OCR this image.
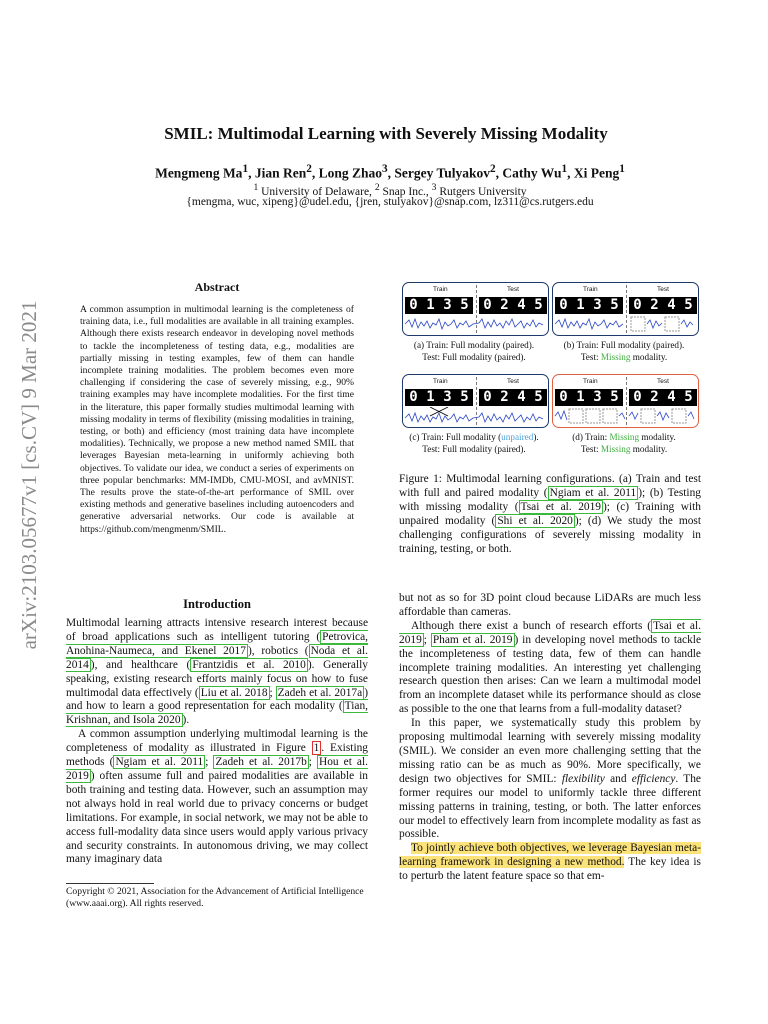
arXiv:2103.05677v1 [cs.CV] 9 Mar 2021
SMIL: Multimodal Learning with Severely Missing Modality
Mengmeng Ma$^1$, Jian Ren$^2$, Long Zhao$^3$, Sergey Tulyakov$^2$, Cathy Wu$^1$, Xi Peng$^1$
$^1$ University of Delaware, $^2$ Snap Inc., $^3$ Rutgers University
{mengma, wuc, xipeng}@udel.edu, {jren, stulyakov}@snap.com, lz311@cs.rutgers.edu
Abstract
A common assumption in multimodal learning is the completeness of training data, i.e., full modalities are available in all training examples. Although there exists research endeavor in developing novel methods to tackle the incompleteness of testing data, e.g., modalities are partially missing in testing examples, few of them can handle incomplete training modalities. The problem becomes even more challenging if considering the case of severely missing, e.g., 90% training examples may have incomplete modalities. For the first time in the literature, this paper formally studies multimodal learning with missing modality in terms of flexibility (missing modalities in training, testing, or both) and efficiency (most training data have incomplete modalities). Technically, we propose a new method named SMIL that leverages Bayesian meta-learning in uniformly achieving both objectives. To validate our idea, we conduct a series of experiments on three popular benchmarks: MM-IMDb, CMU-MOSI, and avMNIST. The results prove the state-of-the-art performance of SMIL over existing methods and generative baselines including autoencoders and generative adversarial networks. Our code is available at https://github.com/mengmenm/SMIL.
Train	Test
0 1 3 5	0 2 4 5
Train	Test
0 1 3 5	0 2 4 5
(a) Train: Full modality (paired).
Test: Full modality (paired).
(b) Train: Full modality (paired).
Test: Missing modality.
Train	Test
0 1 3 5	0 2 4 5
Train	Test
0 1 3 5	0 2 4 5
(c) Train: Full modality (unpaired).
Test: Full modality (paired).
(d) Train: Missing modality.
Test: Missing modality.
Figure 1: Multimodal learning configurations. (a) Train and test with full and paired modality ( Ngiam et al. 2011 ); (b) Testing with missing modality ( Tsai et al. 2019 ); (c) Training with unpaired modality ( Shi et al. 2020 ); (d) We study the most challenging configurations of severely missing modality in training, testing, or both.
Introduction

Multimodal learning attracts intensive research interest because of broad applications such as intelligent tutoring ( Petrovica, Anohina-Naumeca, and Ekenel 2017 ), robotics ( Noda et al. 2014 ), and healthcare ( Frantzidis et al. 2010 ). Generally speaking, existing research efforts mainly focus on how to fuse multimodal data effectively ( Liu et al. 2018 ; Zadeh et al. 2017a ) and how to learn a good representation for each modality ( Tian, Krishnan, and Isola 2020 ).

A common assumption underlying multimodal learning is the completeness of modality as illustrated in Figure 1 . Existing methods ( Ngiam et al. 2011 ; Zadeh et al. 2017b ; Hou et al. 2019 ) often assume full and paired modalities are available in both training and testing data. However, such an assumption may not always hold in real world due to privacy concerns or budget limitations. For example, in social network, we may not be able to access full-modality data since users would apply various privacy and security constraints. In autonomous driving, we may collect many imaginary data

but not as so for 3D point cloud because LiDARs are much less affordable than cameras.

Although there exist a bunch of research efforts ( Tsai et al. 2019 ; Pham et al. 2019 ) in developing novel methods to tackle the incompleteness of testing data, few of them can handle incomplete training modalities. An interesting yet challenging research question then arises: Can we learn a multimodal model from an incomplete dataset while its performance should as close as possible to the one that learns from a full-modality dataset?

In this paper, we systematically study this problem by proposing multimodal learning with severely missing modality (SMIL). We consider an even more challenging setting that the missing ratio can be as much as 90%. More specifically, we design two objectives for SMIL: flexibility and efficiency. The former requires our model to uniformly tackle three different missing patterns in training, testing, or both. The latter enforces our model to effectively learn from incomplete modality as fast as possible.

To jointly achieve both objectives, we leverage Bayesian meta-learning framework in designing a new method. The key idea is to perturb the latent feature space so that em-

Copyright © 2021, Association for the Advancement of Artificial Intelligence (www.aaai.org). All rights reserved.
